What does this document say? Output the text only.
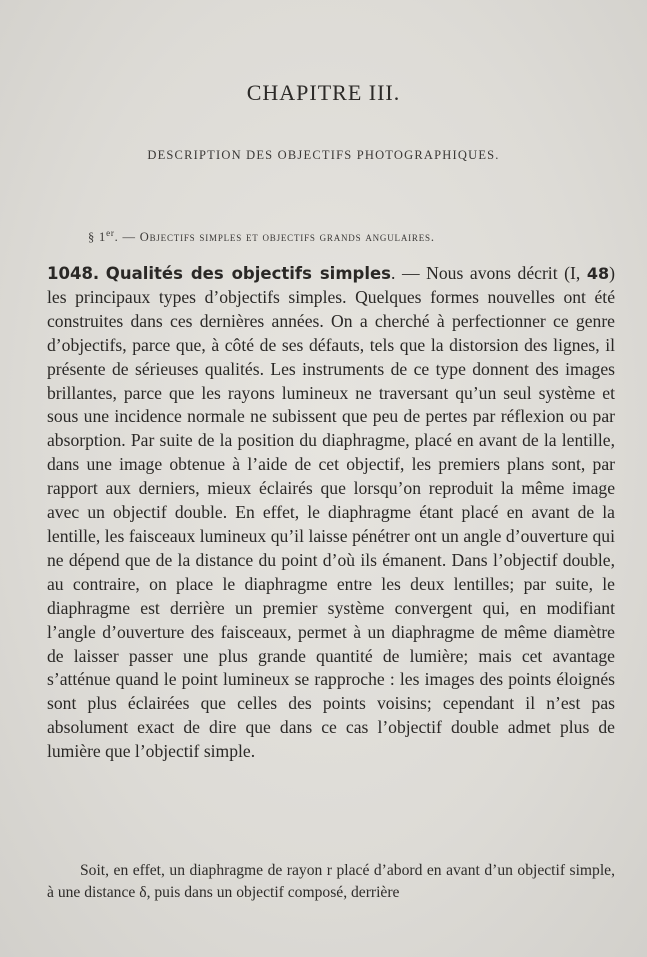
CHAPITRE III.
DESCRIPTION DES OBJECTIFS PHOTOGRAPHIQUES.
§ 1er. — Objectifs simples et objectifs grands angulaires.
1048. Qualités des objectifs simples. — Nous avons décrit (I, 48) les principaux types d’objectifs simples. Quelques formes nouvelles ont été construites dans ces dernières années. On a cherché à perfectionner ce genre d’objectifs, parce que, à côté de ses défauts, tels que la distorsion des lignes, il présente de sérieuses qualités. Les instruments de ce type donnent des images brillantes, parce que les rayons lumineux ne traversant qu’un seul système et sous une incidence normale ne subissent que peu de pertes par réflexion ou par absorption. Par suite de la position du diaphragme, placé en avant de la lentille, dans une image obtenue à l’aide de cet objectif, les premiers plans sont, par rapport aux derniers, mieux éclairés que lorsqu’on reproduit la même image avec un objectif double. En effet, le diaphragme étant placé en avant de la lentille, les faisceaux lumineux qu’il laisse pénétrer ont un angle d’ouverture qui ne dépend que de la distance du point d’où ils émanent. Dans l’objectif double, au contraire, on place le diaphragme entre les deux lentilles; par suite, le diaphragme est derrière un premier système convergent qui, en modifiant l’angle d’ouverture des faisceaux, permet à un diaphragme de même diamètre de laisser passer une plus grande quantité de lumière; mais cet avantage s’atténue quand le point lumineux se rapproche : les images des points éloignés sont plus éclairées que celles des points voisins; cependant il n’est pas absolument exact de dire que dans ce cas l’objectif double admet plus de lumière que l’objectif simple.
Soit, en effet, un diaphragme de rayon r placé d’abord en avant d’un objectif simple, à une distance δ, puis dans un objectif composé, derrière
